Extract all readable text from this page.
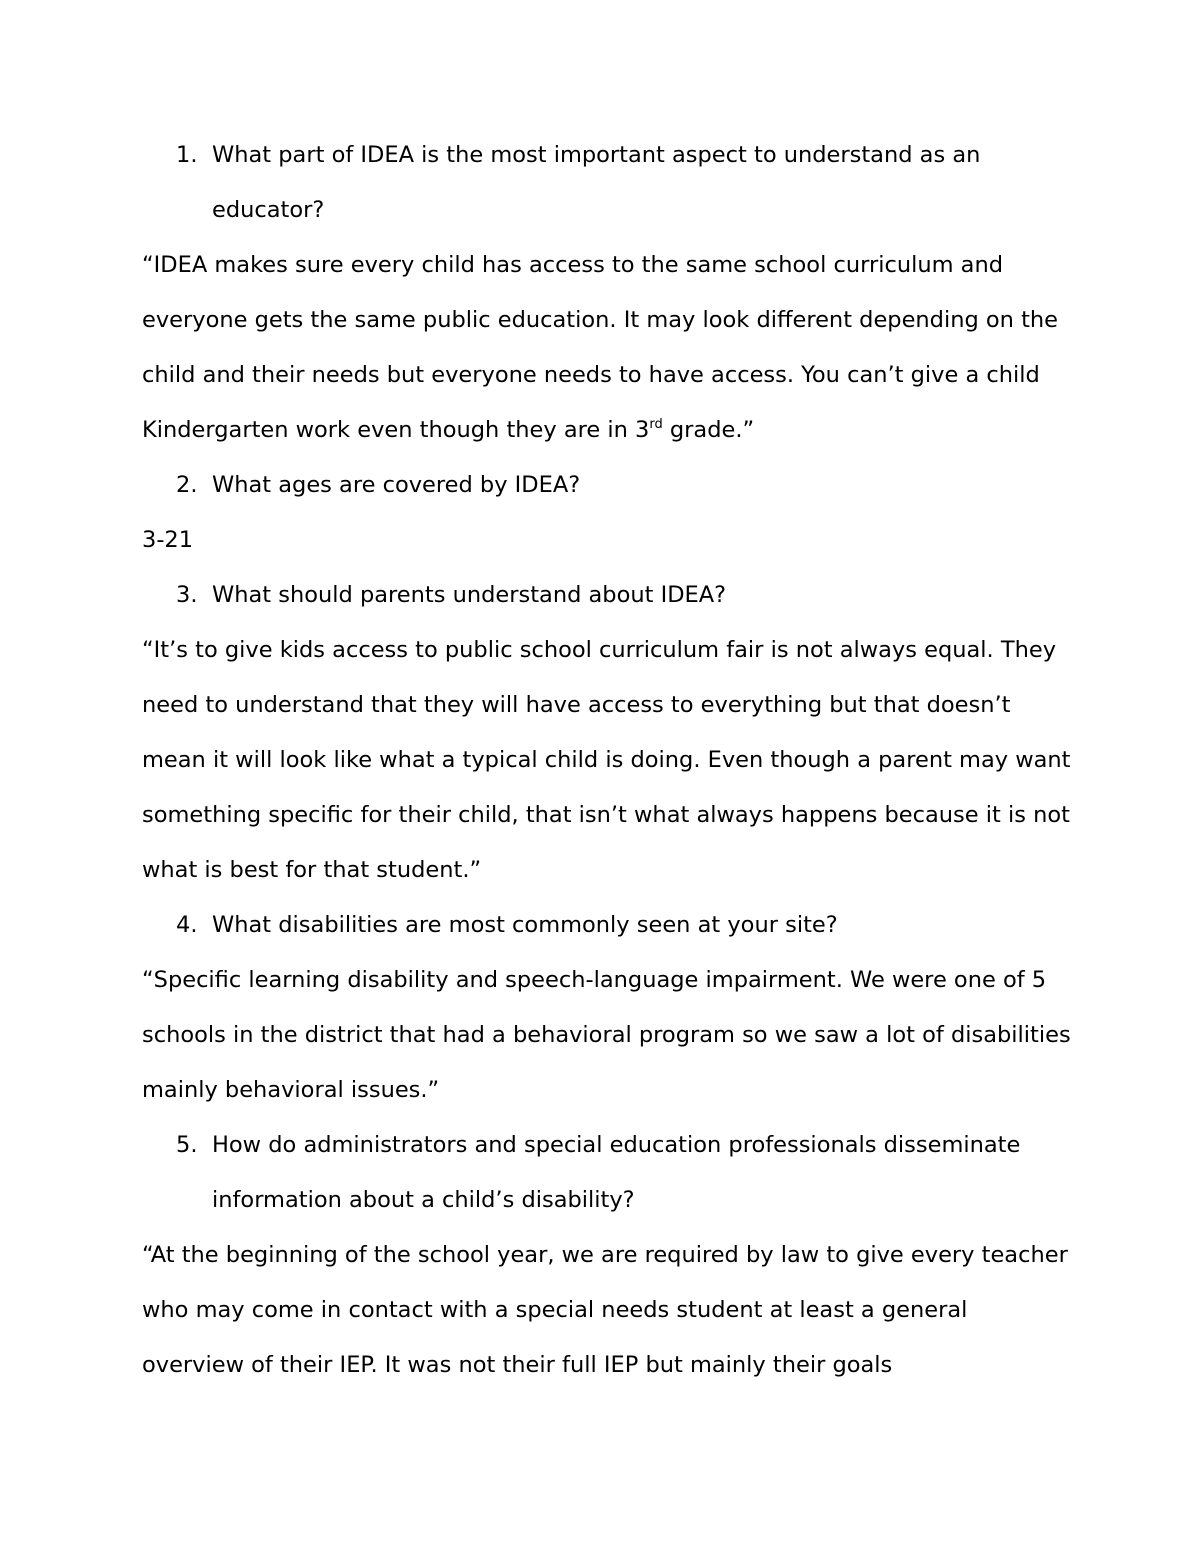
1. What part of IDEA is the most important aspect to understand as an educator?

“IDEA makes sure every child has access to the same school curriculum and everyone gets the same public education. It may look different depending on the child and their needs but everyone needs to have access. You can’t give a child Kindergarten work even though they are in 3rd grade.”

2. What ages are covered by IDEA?

3-21

3. What should parents understand about IDEA?

“It’s to give kids access to public school curriculum fair is not always equal. They need to understand that they will have access to everything but that doesn’t mean it will look like what a typical child is doing. Even though a parent may want something specific for their child, that isn’t what always happens because it is not what is best for that student.”

4. What disabilities are most commonly seen at your site?

“Specific learning disability and speech-language impairment. We were one of 5 schools in the district that had a behavioral program so we saw a lot of disabilities mainly behavioral issues.”

5. How do administrators and special education professionals disseminate information about a child’s disability?

“At the beginning of the school year, we are required by law to give every teacher who may come in contact with a special needs student at least a general overview of their IEP. It was not their full IEP but mainly their goals
